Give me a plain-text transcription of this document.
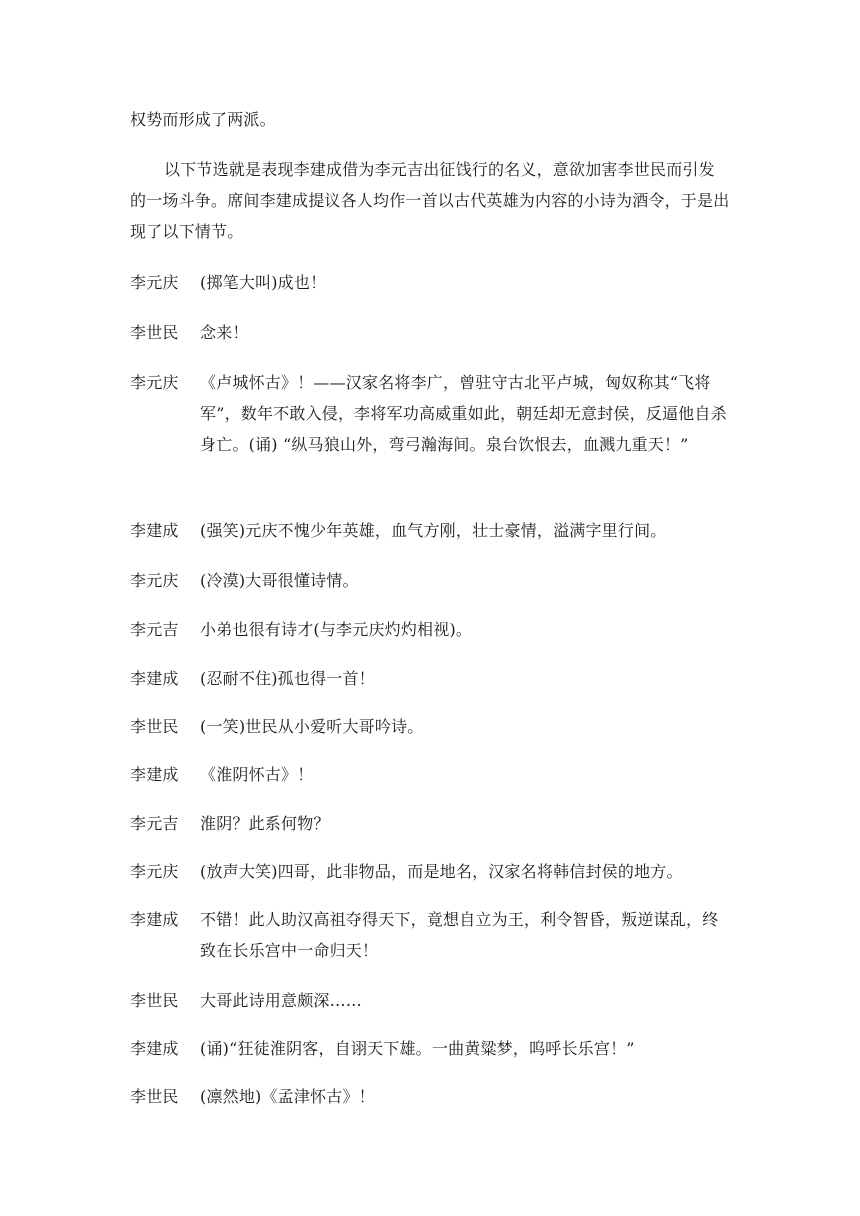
权势而形成了两派。
以下节选就是表现李建成借为李元吉出征饯行的名义，意欲加害李世民而引发的一场斗争。席间李建成提议各人均作一首以古代英雄为内容的小诗为酒令，于是出现了以下情节。
李元庆	(掷笔大叫)成也！
李世民	念来！
李元庆	《卢城怀古》！——汉家名将李广，曾驻守古北平卢城，匈奴称其“飞将军”，数年不敢入侵，李将军功高威重如此，朝廷却无意封侯，反逼他自杀身亡。(诵) “纵马狼山外，弯弓瀚海间。泉台饮恨去，血溅九重天！”
李建成	(强笑)元庆不愧少年英雄，血气方刚，壮士豪情，溢满字里行间。
李元庆	(冷漠)大哥很懂诗情。
李元吉	小弟也很有诗才(与李元庆灼灼相视)。
李建成	(忍耐不住)孤也得一首！
李世民	(一笑)世民从小爱听大哥吟诗。
李建成	《淮阴怀古》！
李元吉	淮阴？此系何物？
李元庆	(放声大笑)四哥，此非物品，而是地名，汉家名将韩信封侯的地方。
李建成	不错！此人助汉高祖夺得天下，竟想自立为王，利令智昏，叛逆谋乱，终致在长乐宫中一命归天！
李世民	大哥此诗用意颇深……
李建成	(诵)“狂徒淮阴客，自诩天下雄。一曲黄粱梦，呜呼长乐宫！”
李世民	(凛然地)《孟津怀古》！
